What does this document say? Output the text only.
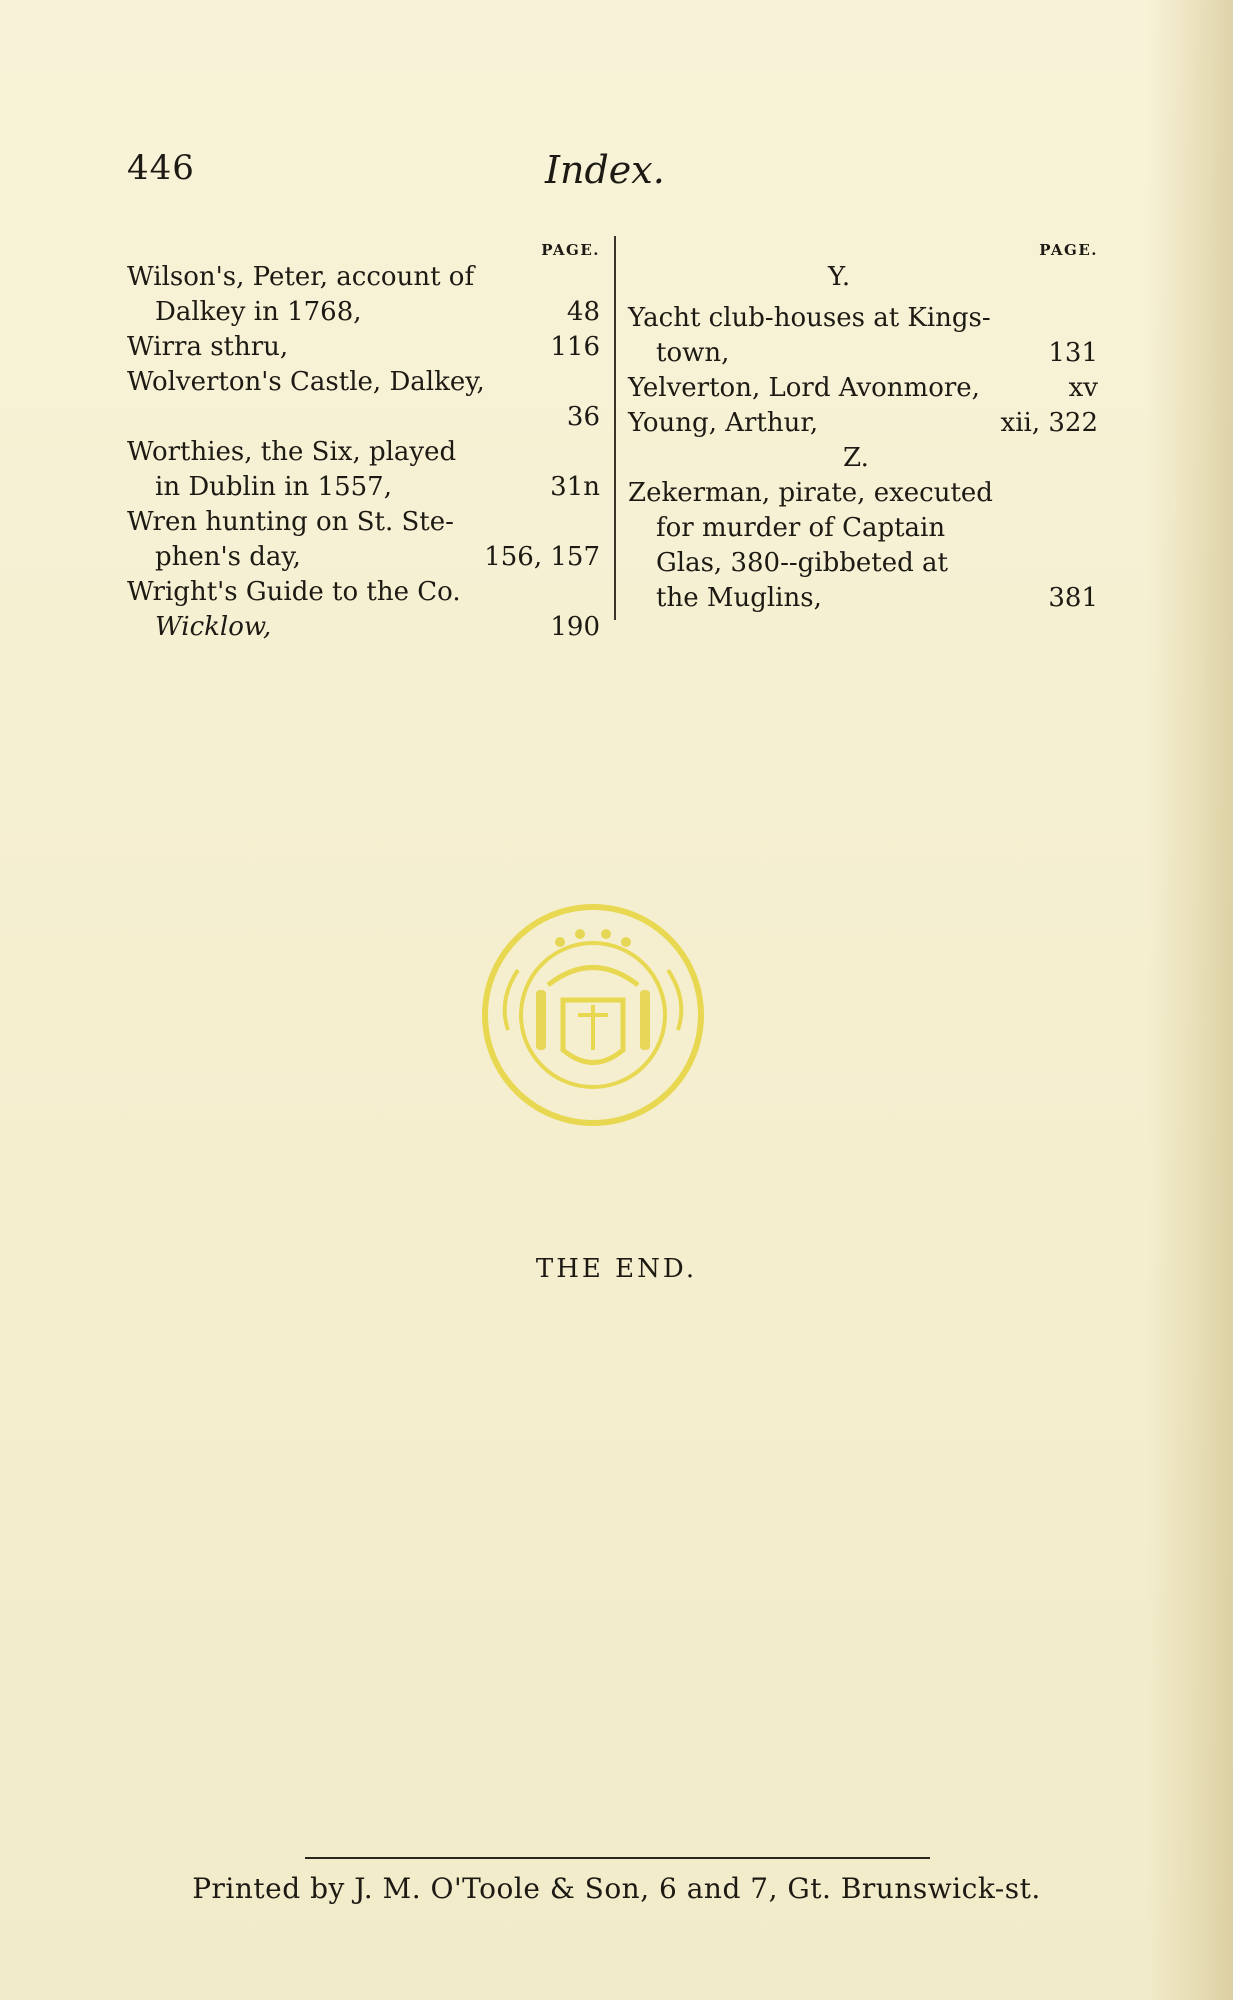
446	Index.
PAGE.
Wilson's, Peter, account of
Dalkey in 1768,	48
Wirra sthru,	116
Wolverton's Castle, Dalkey,
36
Worthies, the Six, played
in Dublin in 1557,	31n
Wren hunting on St. Ste-
phen's day,	156, 157
Wright's Guide to the Co.
Wicklow,	190
PAGE.
Y.
Yacht club-houses at Kings-
town,	131
Yelverton, Lord Avonmore,	xv
Young, Arthur,	xii, 322
Z.
Zekerman, pirate, executed
for murder of Captain
Glas, 380--gibbeted at
the Muglins,	381
THE END.
Printed by J. M. O'Toole & Son, 6 and 7, Gt. Brunswick-st.
